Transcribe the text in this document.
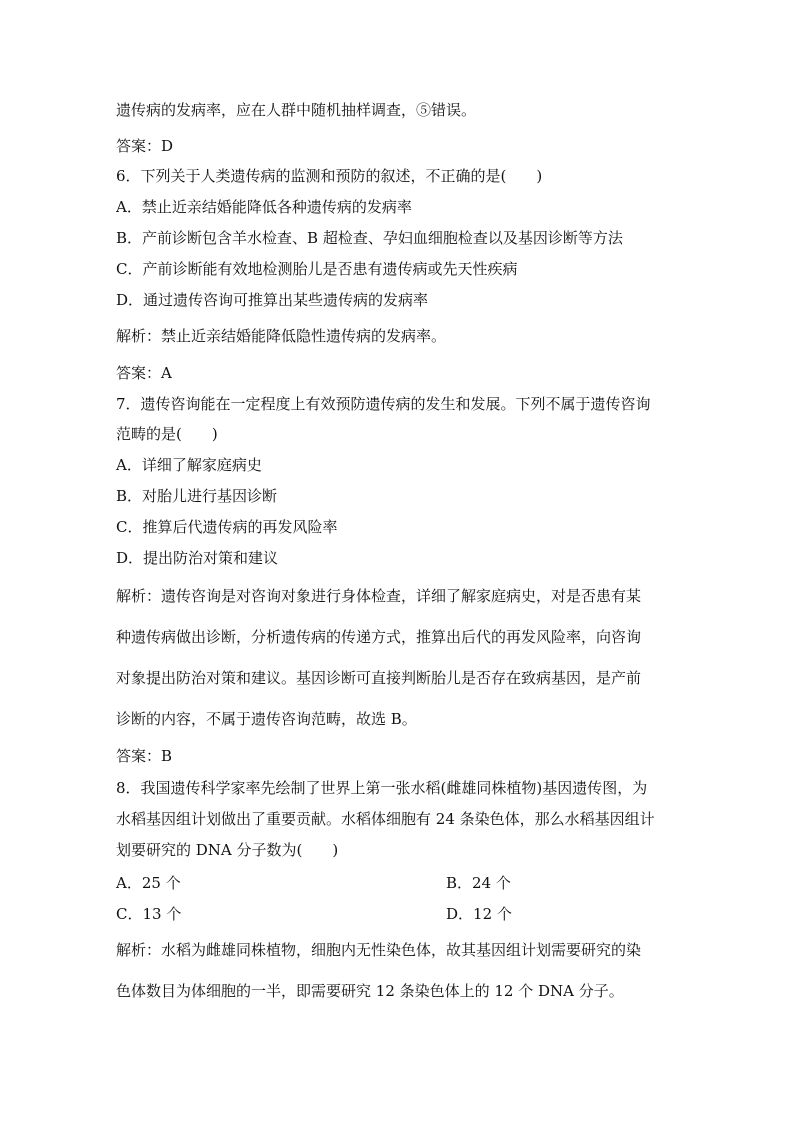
遗传病的发病率，应在人群中随机抽样调查，⑤错误。
答案：D
6．下列关于人类遗传病的监测和预防的叙述，不正确的是(　　)
A．禁止近亲结婚能降低各种遗传病的发病率
B．产前诊断包含羊水检查、B 超检查、孕妇血细胞检查以及基因诊断等方法
C．产前诊断能有效地检测胎儿是否患有遗传病或先天性疾病
D．通过遗传咨询可推算出某些遗传病的发病率
解析：禁止近亲结婚能降低隐性遗传病的发病率。
答案：A
7．遗传咨询能在一定程度上有效预防遗传病的发生和发展。下列不属于遗传咨询
范畴的是(　　)
A．详细了解家庭病史
B．对胎儿进行基因诊断
C．推算后代遗传病的再发风险率
D．提出防治对策和建议
解析：遗传咨询是对咨询对象进行身体检查，详细了解家庭病史，对是否患有某
种遗传病做出诊断，分析遗传病的传递方式，推算出后代的再发风险率，向咨询
对象提出防治对策和建议。基因诊断可直接判断胎儿是否存在致病基因，是产前
诊断的内容，不属于遗传咨询范畴，故选 B。
答案：B
8．我国遗传科学家率先绘制了世界上第一张水稻(雌雄同株植物)基因遗传图，为
水稻基因组计划做出了重要贡献。水稻体细胞有 24 条染色体，那么水稻基因组计
划要研究的 DNA 分子数为(　　)
A．25 个	B．24 个
C．13 个	D．12 个
解析：水稻为雌雄同株植物，细胞内无性染色体，故其基因组计划需要研究的染
色体数目为体细胞的一半，即需要研究 12 条染色体上的 12 个 DNA 分子。
